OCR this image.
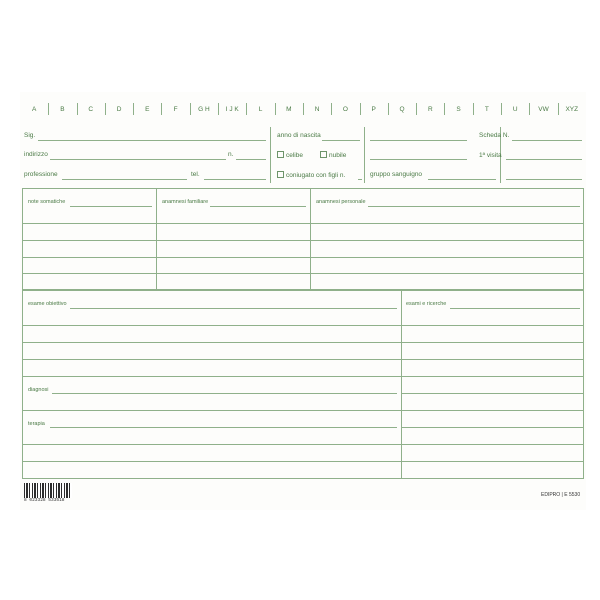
A	B	C	D	E	F	G H	I J K	L	M	N	O	P	Q	R	S	T	U	VW	XYZ
Sig.	anno di nascita	Scheda N.
indirizzo	n.	celibe	nubile	1ª visita
professione	tel.	coniugato con figli n.	gruppo sanguigno
note somatiche	anamnesi familiare	anamnesi personale
esame obiettivo	esami e ricerche
diagnosi
terapia
8 023328 533518
EDIPRO | E 5530
